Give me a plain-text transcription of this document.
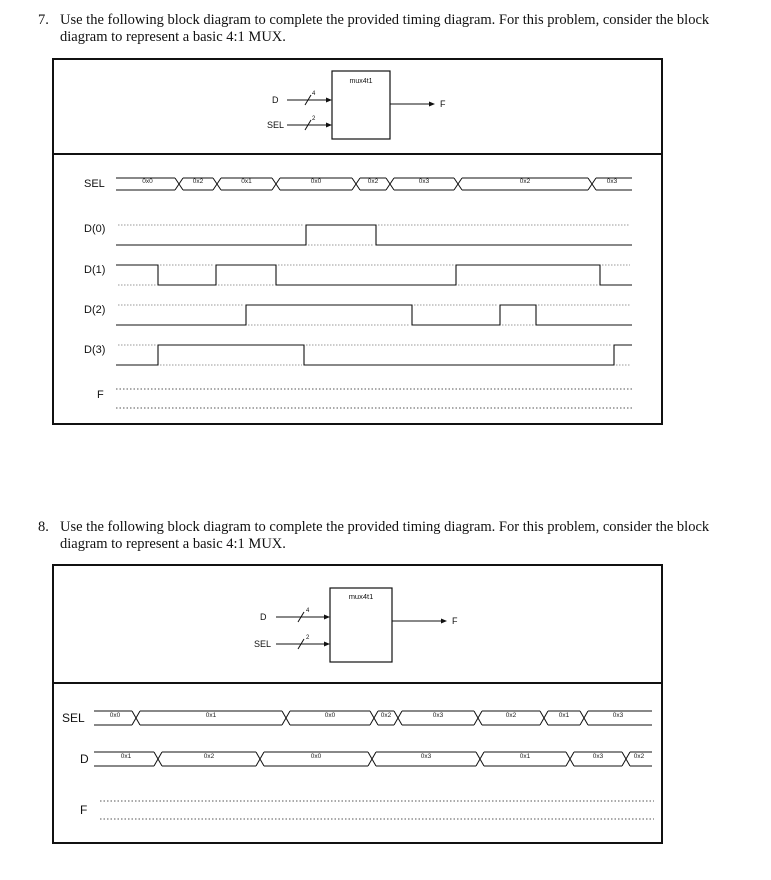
7. Use the following block diagram to complete the provided timing diagram. For this problem, consider the block diagram to represent a basic 4:1 MUX.
mux4t1
D
4
SEL
2
F
SEL
D(0)
D(1)
D(2)
D(3)
F
0x0	0x2	0x1	0x0	0x2	0x3	0x2	0x3
8. Use the following block diagram to complete the provided timing diagram. For this problem, consider the block diagram to represent a basic 4:1 MUX.
mux4t1
D
4
SEL
2
F
SEL
D
F
0x0	0x1	0x0	0x2	0x3	0x2	0x1	0x3
0x1	0x2	0x0	0x3	0x1	0x3	0x2
